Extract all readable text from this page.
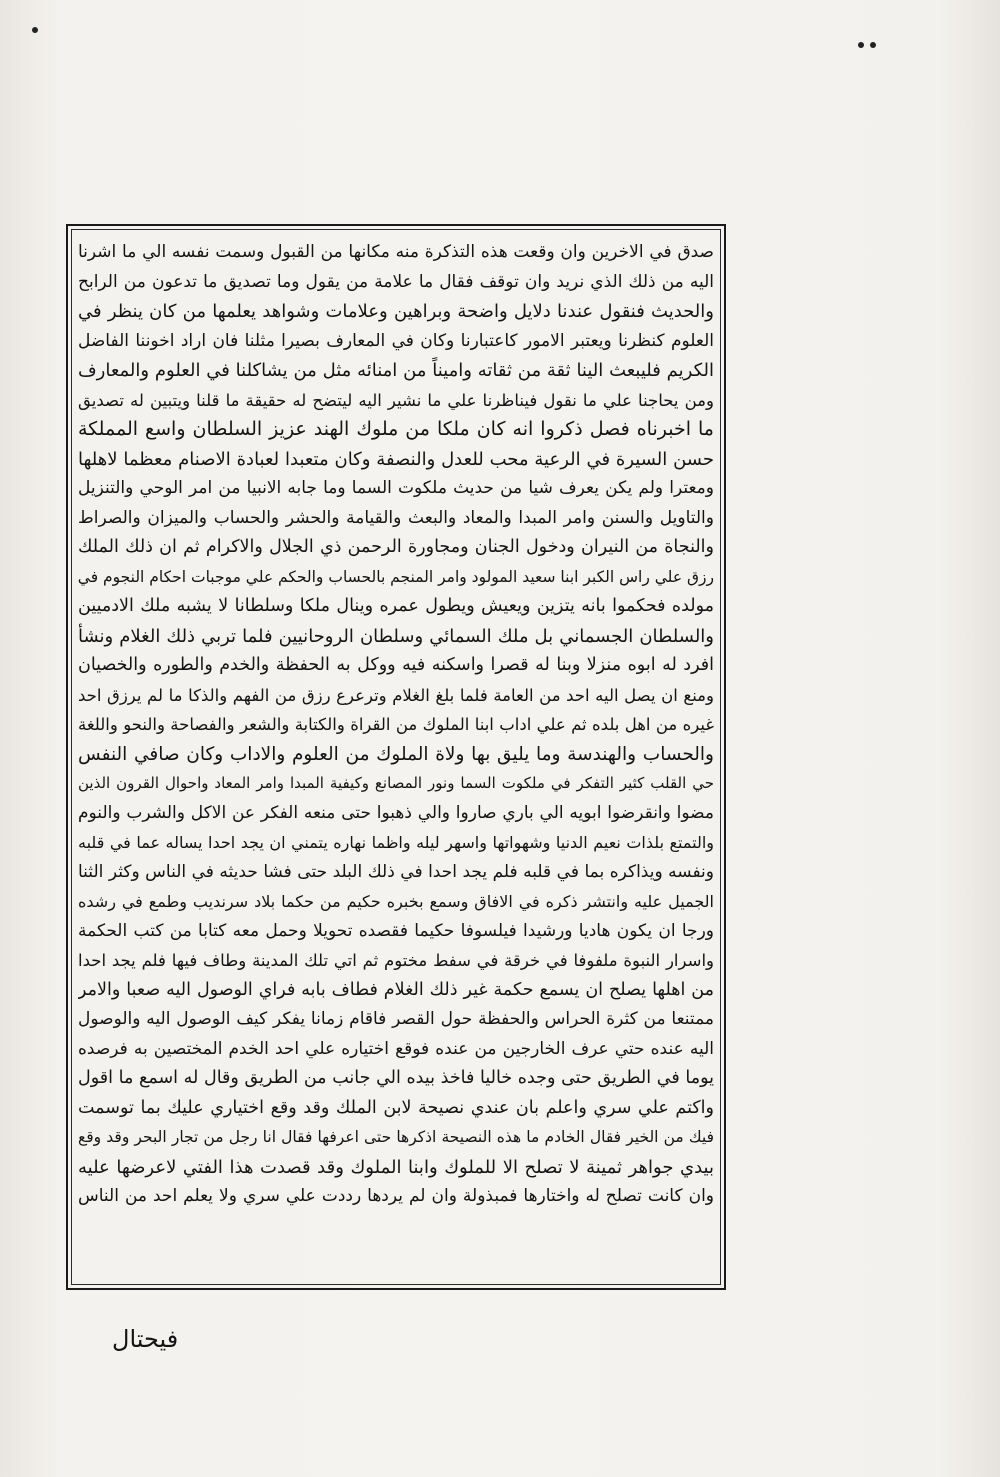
صدق في الاخرين وان وقعت هذه التذكرة منه مكانها من القبول وسمت نفسه الي ما اشرنا
اليه من ذلك الذي نريد وان توقف فقال ما علامة من يقول وما تصديق ما تدعون من الرابح
والحديث فنقول عندنا دلايل واضحة وبراهين وعلامات وشواهد يعلمها من كان ينظر في
العلوم كنظرنا ويعتبر الامور كاعتبارنا وكان في المعارف بصيرا مثلنا فان اراد اخوننا الفاضل
الكريم فليبعث الينا ثقة من ثقاته واميناً من امنائه مثل من يشاكلنا في العلوم والمعارف
ومن يحاجنا علي ما نقول فيناظرنا علي ما نشير اليه ليتضح له حقيقة ما قلنا ويتبين له تصديق
ما اخبرناه فصل ذكروا انه كان ملكا من ملوك الهند عزيز السلطان واسع المملكة
حسن السيرة في الرعية محب للعدل والنصفة وكان متعبدا لعبادة الاصنام معظما لاهلها
ومعترا ولم يكن يعرف شيا من حديث ملكوت السما وما جابه الانبيا من امر الوحي والتنزيل
والتاويل والسنن وامر المبدا والمعاد والبعث والقيامة والحشر والحساب والميزان والصراط
والنجاة من النيران ودخول الجنان ومجاورة الرحمن ذي الجلال والاكرام ثم ان ذلك الملك
رزق علي راس الكبر ابنا سعيد المولود وامر المنجم بالحساب والحكم علي موجبات احكام النجوم في
مولده فحكموا بانه يتزين ويعيش ويطول عمره وينال ملكا وسلطانا لا يشبه ملك الادميين
والسلطان الجسماني بل ملك السمائي وسلطان الروحانيين فلما تربي ذلك الغلام ونشأ
افرد له ابوه منزلا وبنا له قصرا واسكنه فيه ووكل به الحفظة والخدم والطوره والخصيان
ومنع ان يصل اليه احد من العامة فلما بلغ الغلام وترعرع رزق من الفهم والذكا ما لم يرزق احد
غيره من اهل بلده ثم علي اداب ابنا الملوك من القراة والكتابة والشعر والفصاحة والنحو واللغة
والحساب والهندسة وما يليق بها ولاة الملوك من العلوم والاداب وكان صافي النفس
حي القلب كثير التفكر في ملكوت السما ونور المصانع وكيفية المبدا وامر المعاد واحوال القرون الذين
مضوا وانقرضوا ابويه الي باري صاروا والي ذهبوا حتى منعه الفكر عن الاكل والشرب والنوم
والتمتع بلذات نعيم الدنيا وشهواتها واسهر ليله واظما نهاره يتمني ان يجد احدا يساله عما في قلبه
ونفسه ويذاكره بما في قلبه فلم يجد احدا في ذلك البلد حتى فشا حديثه في الناس وكثر الثنا
الجميل عليه وانتشر ذكره في الافاق وسمع بخبره حكيم من حكما بلاد سرنديب وطمع في رشده
ورجا ان يكون هاديا ورشيدا فيلسوفا حكيما فقصده تحويلا وحمل معه كتابا من كتب الحكمة
واسرار النبوة ملفوفا في خرقة في سفط مختوم ثم اتي تلك المدينة وطاف فيها فلم يجد احدا
من اهلها يصلح ان يسمع حكمة غير ذلك الغلام فطاف بابه فراي الوصول اليه صعبا والامر
ممتنعا من كثرة الحراس والحفظة حول القصر فاقام زمانا يفكر كيف الوصول اليه والوصول
اليه عنده حتي عرف الخارجين من عنده فوقع اختياره علي احد الخدم المختصين به فرصده
يوما في الطريق حتى وجده خاليا فاخذ بيده الي جانب من الطريق وقال له اسمع ما اقول
واكتم علي سري واعلم بان عندي نصيحة لابن الملك وقد وقع اختياري عليك بما توسمت
فيك من الخير فقال الخادم ما هذه النصيحة اذكرها حتى اعرفها فقال انا رجل من تجار البحر وقد وقع
بيدي جواهر ثمينة لا تصلح الا للملوك وابنا الملوك وقد قصدت هذا الفتي لاعرضها عليه
وان كانت تصلح له واختارها فمبذولة وان لم يردها رددت علي سري ولا يعلم احد من الناس
فيحتال
